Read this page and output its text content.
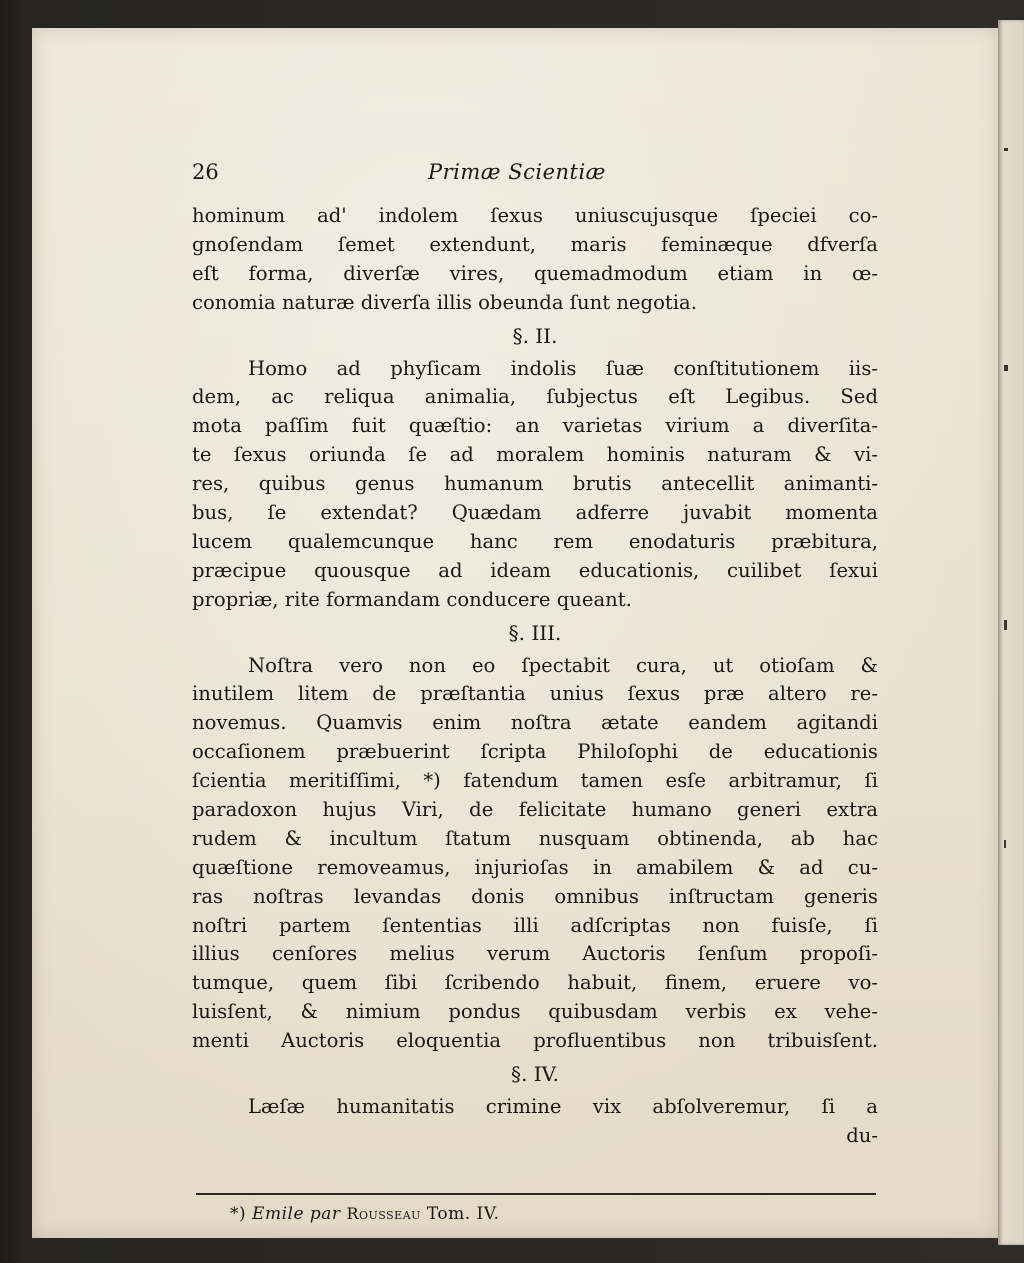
26	Primæ Scientiæ
hominum ad' indolem ſexus uniuscujusque ſpeciei co-
gnoſendam ſemet extendunt, maris feminæque dfverſa
eſt forma, diverſæ vires, quemadmodum etiam in œ-
conomia naturæ diverſa illis obeunda ſunt negotia.
§. II.
Homo ad phyſicam indolis ſuæ conſtitutionem iis-
dem, ac reliqua animalia, ſubjectus eſt Legibus. Sed
mota paſſim fuit quæſtio: an varietas virium a diverſita-
te ſexus oriunda ſe ad moralem hominis naturam & vi-
res, quibus genus humanum brutis antecellit animanti-
bus, ſe extendat? Quædam adferre juvabit momenta
lucem qualemcunque hanc rem enodaturis præbitura,
præcipue quousque ad ideam educationis, cuilibet ſexui
propriæ, rite formandam conducere queant.
§. III.
Noſtra vero non eo ſpectabit cura, ut otioſam &
inutilem litem de præſtantia unius ſexus præ altero re-
novemus. Quamvis enim noſtra ætate eandem agitandi
occaſionem præbuerint ſcripta Philoſophi de educationis
ſcientia meritiſſimi, *) fatendum tamen esſe arbitramur, ſi
paradoxon hujus Viri, de felicitate humano generi extra
rudem & incultum ſtatum nusquam obtinenda, ab hac
quæſtione removeamus, injurioſas in amabilem & ad cu-
ras noſtras levandas donis omnibus inſtructam generis
noſtri partem ſententias illi adſcriptas non fuisſe, ſi
illius cenſores melius verum Auctoris ſenſum propoſi-
tumque, quem ſibi ſcribendo habuit, finem, eruere vo-
luisſent, & nimium pondus quibusdam verbis ex vehe-
menti Auctoris eloquentia profluentibus non tribuisſent.
§. IV.
Læſæ humanitatis crimine vix abſolveremur, ſi a
du-
*) Emile par Rousseau Tom. IV.
